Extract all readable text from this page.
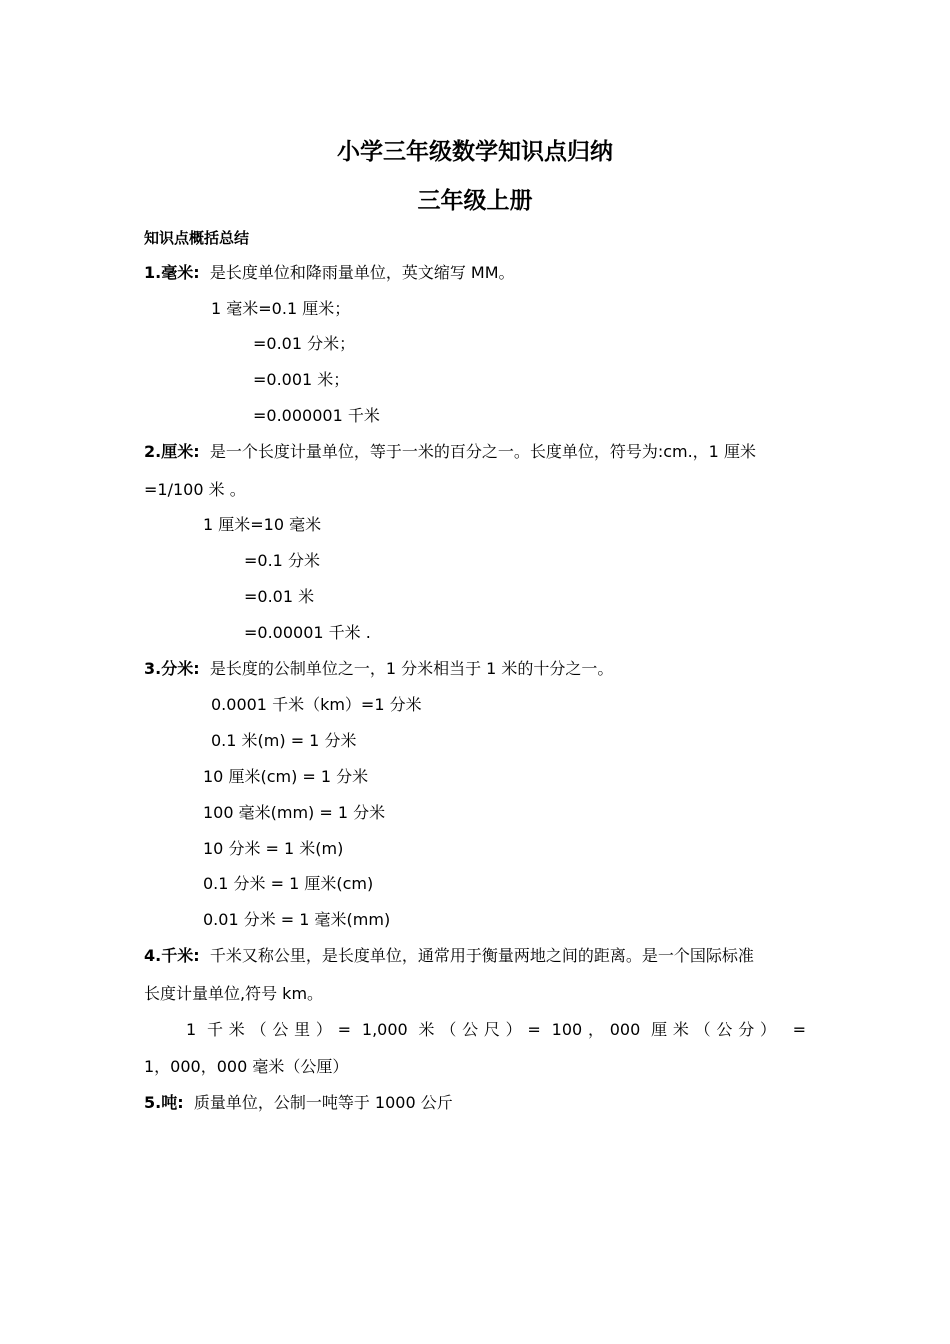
小学三年级数学知识点归纳
三年级上册
知识点概括总结
1.毫米: 是长度单位和降雨量单位，英文缩写 MM。
1 毫米=0.1 厘米；
=0.01 分米；
=0.001 米；
=0.000001 千米
2.厘米: 是一个长度计量单位，等于一米的百分之一。长度单位，符号为:cm.，1 厘米
=1/100 米 。
1 厘米=10 毫米
=0.1 分米
=0.01 米
=0.00001 千米 .
3.分米: 是长度的公制单位之一，1 分米相当于 1 米的十分之一。
0.0001 千米（km）=1 分米
0.1 米(m) = 1 分米
10 厘米(cm) = 1 分米
100 毫米(mm) = 1 分米
10 分米 = 1 米(m)
0.1 分米 = 1 厘米(cm)
0.01 分米 = 1 毫米(mm)
4.千米: 千米又称公里，是长度单位，通常用于衡量两地之间的距离。是一个国际标准
长度计量单位,符号 km。
1 千米（公里）= 1,000 米（公尺）= 100，000 厘米（公分） =
1，000，000 毫米（公厘）
5.吨: 质量单位，公制一吨等于 1000 公斤
